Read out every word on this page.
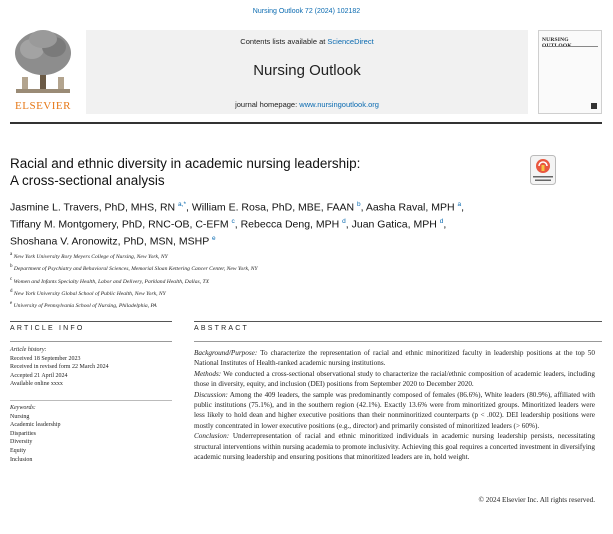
Nursing Outlook 72 (2024) 102182
ELSEVIER
Contents lists available at ScienceDirect
Nursing Outlook
journal homepage: www.nursingoutlook.org
NURSING
Racial and ethnic diversity in academic nursing leadership:
A cross-sectional analysis
Jasmine L. Travers, PhD, MHS, RN $^{a,*}$, William E. Rosa, PhD, MBE, FAAN $^b$, Aasha Raval, MPH $^a$,
Tiffany M. Montgomery, PhD, RNC-OB, C-EFM $^c$, Rebecca Deng, MPH $^d$, Juan Gatica, MPH $^d$,
Shoshana V. Aronowitz, PhD, MSN, MSHP $^e$
$^a$ New York University Rory Meyers College of Nursing, New York, NY
$^b$ Department of Psychiatry and Behavioral Sciences, Memorial Sloan Kettering Cancer Center, New York, NY
$^c$ Women and Infants Specialty Health, Labor and Delivery, Parkland Health, Dallas, TX
$^d$ New York University Global School of Public Health, New York, NY
$^e$ University of Pennsylvania School of Nursing, Philadelphia, PA
ARTICLE INFO
Article history:
Received 18 September 2023
Received in revised form 22 March 2024
Accepted 21 April 2024
Available online xxxx
Keywords:
Nursing
Academic leadership
Disparities
Diversity
Equity
Inclusion
ABSTRACT
Background/Purpose: To characterize the representation of racial and ethnic minoritized faculty in leadership positions at the top 50 National Institutes of Health-ranked academic nursing institutions.
Methods: We conducted a cross-sectional observational study to characterize the racial/ethnic composition of academic leaders, including those in diversity, equity, and inclusion (DEI) positions from September 2020 to December 2020.
Discussion: Among the 409 leaders, the sample was predominantly composed of females (86.6%), White leaders (80.9%), affiliated with public institutions (75.1%), and in the southern region (42.1%). Exactly 13.6% were from minoritized groups. Minoritized leaders were less likely to hold dean and higher executive positions than their nonminoritized counterparts (p < .002). DEI leadership positions were mostly concentrated in lower executive positions (e.g., director) and primarily consisted of minoritized leaders (> 60%).
Conclusion: Underrepresentation of racial and ethnic minoritized individuals in academic nursing leadership persists, necessitating structural interventions within nursing academia to promote inclusivity. Achieving this goal requires a concerted investment in diversifying academic nursing leadership and ensuring positions that minoritized leaders are in, hold weight.
© 2024 Elsevier Inc. All rights reserved.
